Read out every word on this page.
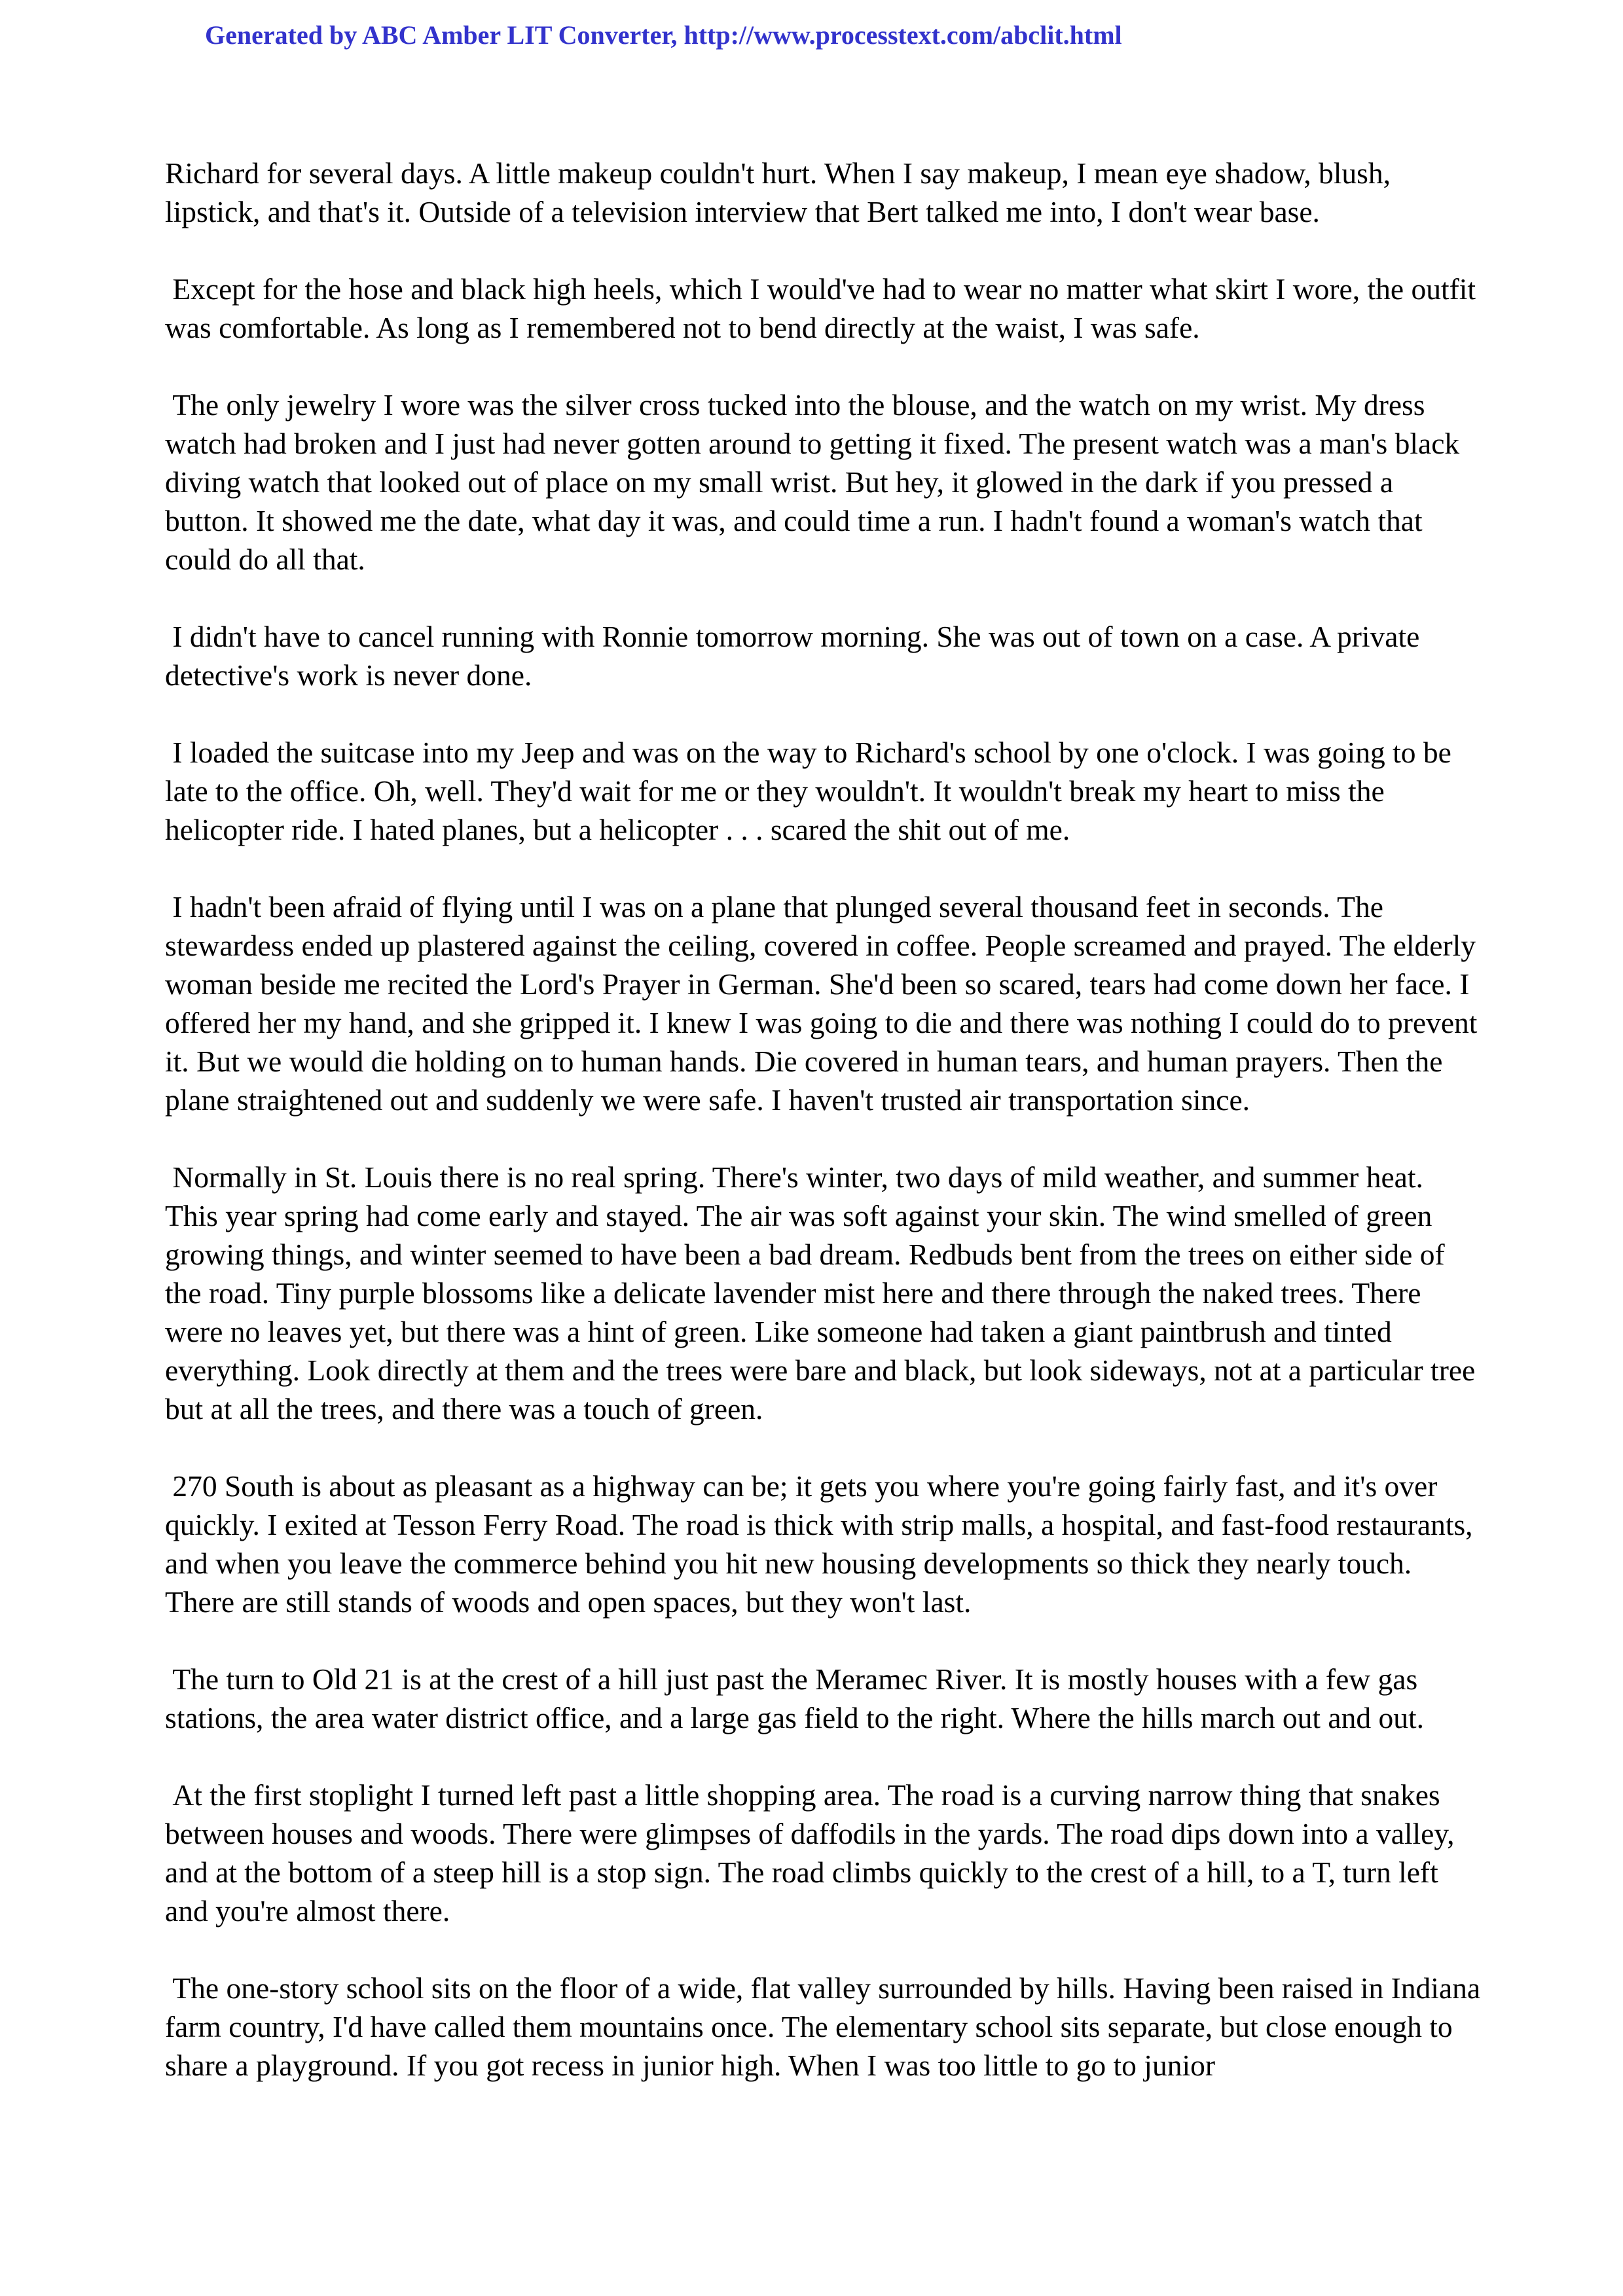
Generated by ABC Amber LIT Converter, http://www.processtext.com/abclit.html

Richard for several days. A little makeup couldn't hurt. When I say makeup, I mean eye shadow, blush, lipstick, and that's it. Outside of a television interview that Bert talked me into, I don't wear base.

Except for the hose and black high heels, which I would've had to wear no matter what skirt I wore, the outfit was comfortable. As long as I remembered not to bend directly at the waist, I was safe.

The only jewelry I wore was the silver cross tucked into the blouse, and the watch on my wrist. My dress watch had broken and I just had never gotten around to getting it fixed. The present watch was a man's black diving watch that looked out of place on my small wrist. But hey, it glowed in the dark if you pressed a button. It showed me the date, what day it was, and could time a run. I hadn't found a woman's watch that could do all that.

I didn't have to cancel running with Ronnie tomorrow morning. She was out of town on a case. A private detective's work is never done.

I loaded the suitcase into my Jeep and was on the way to Richard's school by one o'clock. I was going to be late to the office. Oh, well. They'd wait for me or they wouldn't. It wouldn't break my heart to miss the helicopter ride. I hated planes, but a helicopter . . . scared the shit out of me.

I hadn't been afraid of flying until I was on a plane that plunged several thousand feet in seconds. The stewardess ended up plastered against the ceiling, covered in coffee. People screamed and prayed. The elderly woman beside me recited the Lord's Prayer in German. She'd been so scared, tears had come down her face. I offered her my hand, and she gripped it. I knew I was going to die and there was nothing I could do to prevent it. But we would die holding on to human hands. Die covered in human tears, and human prayers. Then the plane straightened out and suddenly we were safe. I haven't trusted air transportation since.

Normally in St. Louis there is no real spring. There's winter, two days of mild weather, and summer heat. This year spring had come early and stayed. The air was soft against your skin. The wind smelled of green growing things, and winter seemed to have been a bad dream. Redbuds bent from the trees on either side of the road. Tiny purple blossoms like a delicate lavender mist here and there through the naked trees. There were no leaves yet, but there was a hint of green. Like someone had taken a giant paintbrush and tinted everything. Look directly at them and the trees were bare and black, but look sideways, not at a particular tree but at all the trees, and there was a touch of green.

270 South is about as pleasant as a highway can be; it gets you where you're going fairly fast, and it's over quickly. I exited at Tesson Ferry Road. The road is thick with strip malls, a hospital, and fast-food restaurants, and when you leave the commerce behind you hit new housing developments so thick they nearly touch. There are still stands of woods and open spaces, but they won't last.

The turn to Old 21 is at the crest of a hill just past the Meramec River. It is mostly houses with a few gas stations, the area water district office, and a large gas field to the right. Where the hills march out and out.

At the first stoplight I turned left past a little shopping area. The road is a curving narrow thing that snakes between houses and woods. There were glimpses of daffodils in the yards. The road dips down into a valley, and at the bottom of a steep hill is a stop sign. The road climbs quickly to the crest of a hill, to a T, turn left and you're almost there.

The one-story school sits on the floor of a wide, flat valley surrounded by hills. Having been raised in Indiana farm country, I'd have called them mountains once. The elementary school sits separate, but close enough to share a playground. If you got recess in junior high. When I was too little to go to junior
